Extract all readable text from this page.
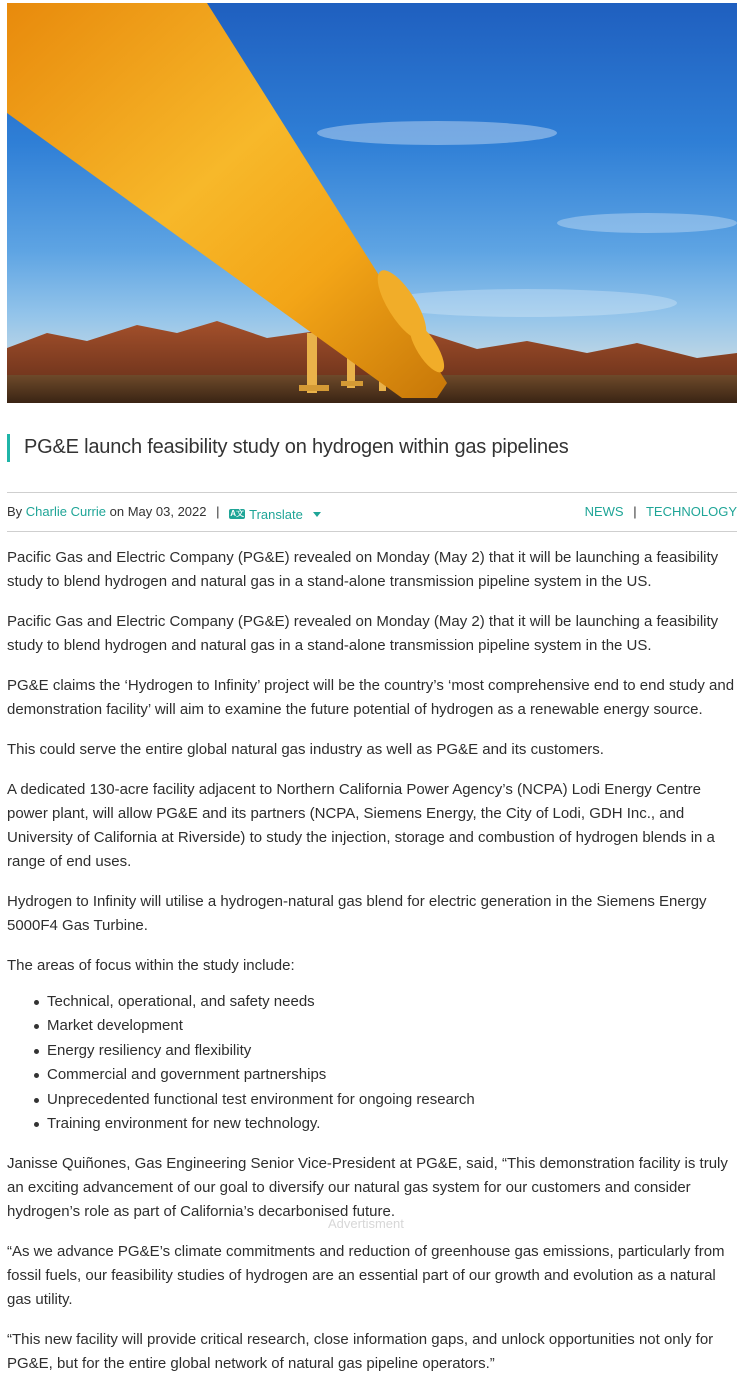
PG&E launch feasibility study on hydrogen within gas pipelines
By Charlie Currie on May 03, 2022 | A文 Translate	NEWS | TECHNOLOGY

Pacific Gas and Electric Company (PG&E) revealed on Monday (May 2) that it will be launching a feasibility study to blend hydrogen and natural gas in a stand-alone transmission pipeline system in the US.

Pacific Gas and Electric Company (PG&E) revealed on Monday (May 2) that it will be launching a feasibility study to blend hydrogen and natural gas in a stand-alone transmission pipeline system in the US.

PG&E claims the ‘Hydrogen to Infinity’ project will be the country’s ‘most comprehensive end to end study and demonstration facility’ will aim to examine the future potential of hydrogen as a renewable energy source.

This could serve the entire global natural gas industry as well as PG&E and its customers.

A dedicated 130-acre facility adjacent to Northern California Power Agency’s (NCPA) Lodi Energy Centre power plant, will allow PG&E and its partners (NCPA, Siemens Energy, the City of Lodi, GDH Inc., and University of California at Riverside) to study the injection, storage and combustion of hydrogen blends in a range of end uses.

Hydrogen to Infinity will utilise a hydrogen-natural gas blend for electric generation in the Siemens Energy 5000F4 Gas Turbine.

The areas of focus within the study include:

Technical, operational, and safety needs
Market development
Energy resiliency and flexibility
Commercial and government partnerships
Unprecedented functional test environment for ongoing research
Training environment for new technology.

Janisse Quiñones, Gas Engineering Senior Vice-President at PG&E, said, “This demonstration facility is truly an exciting advancement of our goal to diversify our natural gas system for our customers and consider hydrogen’s role as part of California’s decarbonised future.

“As we advance PG&E’s climate commitments and reduction of greenhouse gas emissions, particularly from fossil fuels, our feasibility studies of hydrogen are an essential part of our growth and evolution as a natural gas utility.

“This new facility will provide critical research, close information gaps, and unlock opportunities not only for PG&E, but for the entire global network of natural gas pipeline operators.”

Advertisment
